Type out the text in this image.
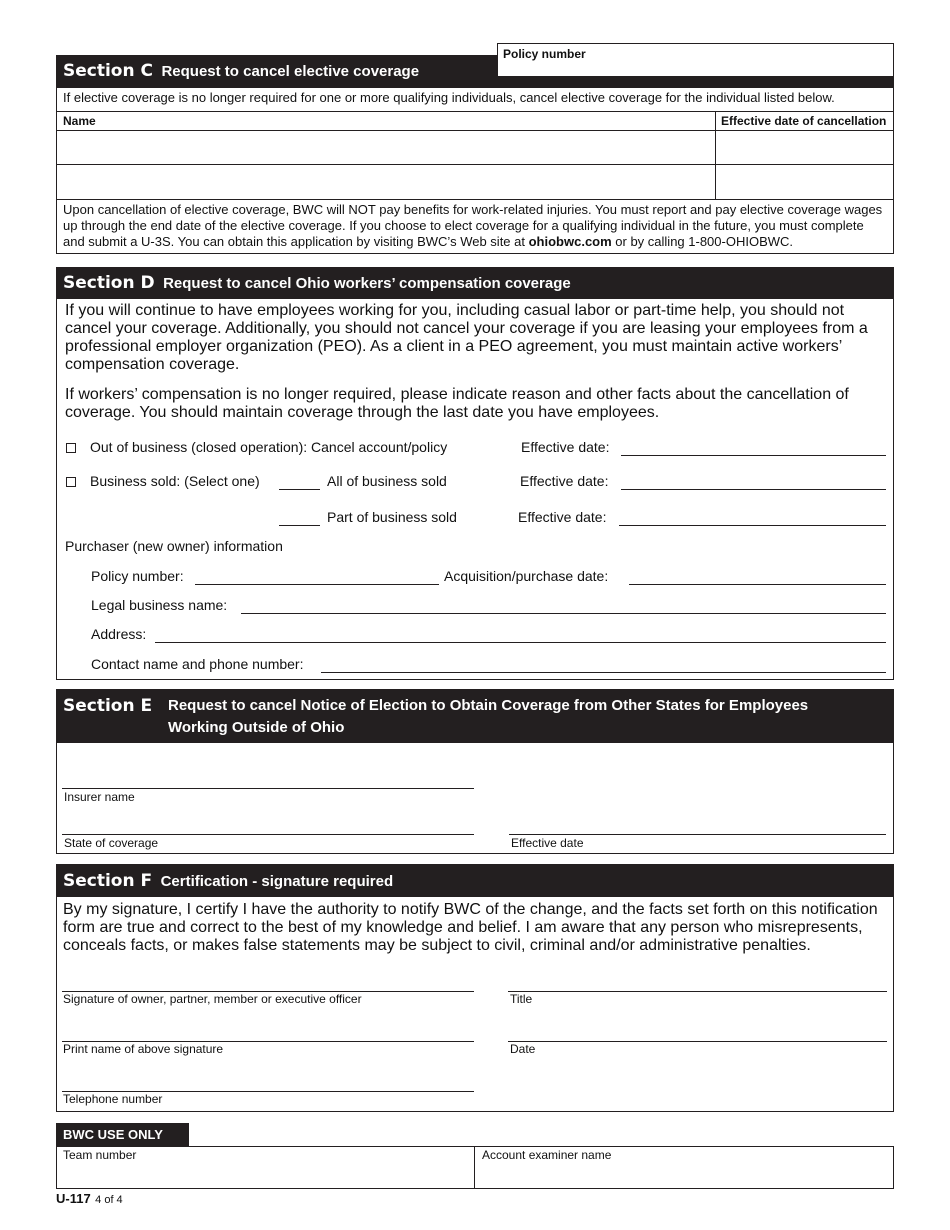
Policy number
Section C Request to cancel elective coverage
If elective coverage is no longer required for one or more qualifying individuals, cancel elective coverage for the individual listed below.
Name	Effective date of cancellation
Upon cancellation of elective coverage, BWC will NOT pay benefits for work-related injuries. You must report and pay elective coverage wages up through the end date of the elective coverage. If you choose to elect coverage for a qualifying individual in the future, you must complete and submit a U-3S. You can obtain this application by visiting BWC’s Web site at ohiobwc.com or by calling 1-800-OHIOBWC.
Section D Request to cancel Ohio workers’ compensation coverage
If you will continue to have employees working for you, including casual labor or part-time help, you should not cancel your coverage. Additionally, you should not cancel your coverage if you are leasing your employees from a professional employer organization (PEO). As a client in a PEO agreement, you must maintain active workers’ compensation coverage.
If workers’ compensation is no longer required, please indicate reason and other facts about the cancellation of coverage. You should maintain coverage through the last date you have employees.
Out of business (closed operation): Cancel account/policy	Effective date:
Business sold: (Select one)	All of business sold	Effective date:
Part of business sold	Effective date:
Purchaser (new owner) information
Policy number:	Acquisition/purchase date:
Legal business name:
Address:
Contact name and phone number:
Section E Request to cancel Notice of Election to Obtain Coverage from Other States for Employees
Working Outside of Ohio
Insurer name
State of coverage	Effective date
Section F Certification - signature required
By my signature, I certify I have the authority to notify BWC of the change, and the facts set forth on this notification form are true and correct to the best of my knowledge and belief. I am aware that any person who misrepresents, conceals facts, or makes false statements may be subject to civil, criminal and/or administrative penalties.
Signature of owner, partner, member or executive officer	Title
Print name of above signature	Date
Telephone number
BWC USE ONLY
Team number	Account examiner name
U-117 4 of 4
